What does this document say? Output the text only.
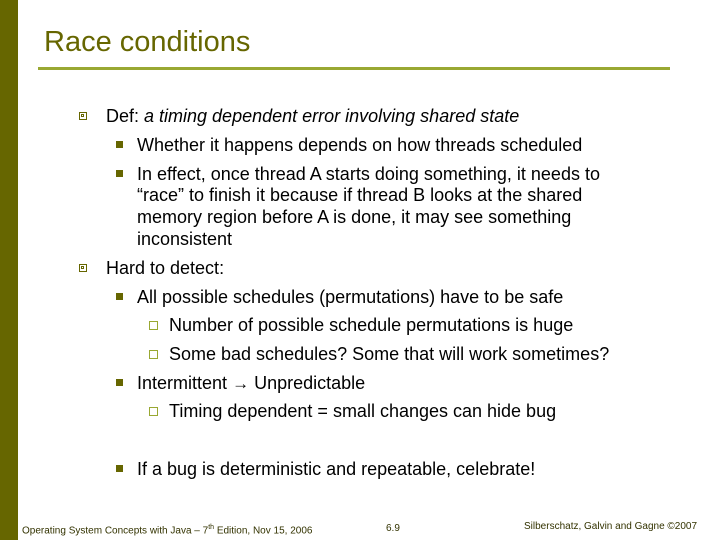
Race conditions
Def: a timing dependent error involving shared state
Whether it happens depends on how threads scheduled
In effect, once thread A starts doing something, it needs to
“race” to finish it because if thread B looks at the shared
memory region before A is done, it may see something
inconsistent
Hard to detect:
All possible schedules (permutations) have to be safe
Number of possible schedule permutations is huge
Some bad schedules? Some that will work sometimes?
Intermittent → Unpredictable
Timing dependent = small changes can hide bug
If a bug is deterministic and repeatable, celebrate!
Operating System Concepts with Java – 7th Edition, Nov 15, 2006	6.9	Silberschatz, Galvin and Gagne ©2007
